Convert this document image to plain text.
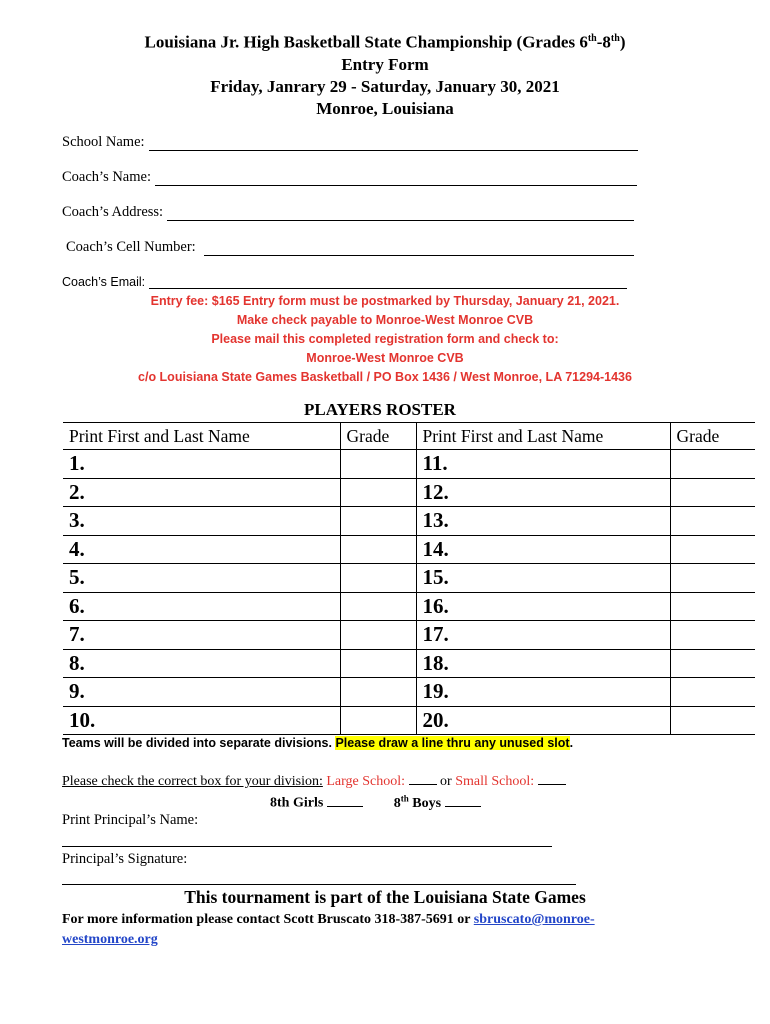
Louisiana Jr. High Basketball State Championship (Grades 6th-8th)
Entry Form
Friday, Janrary 29 - Saturday, January 30, 2021
Monroe, Louisiana
School Name:
Coach’s Name:
Coach’s Address:
Coach’s Cell Number:
Coach’s Email:
Entry fee: $165 Entry form must be postmarked by Thursday, January 21, 2021.
Make check payable to Monroe-West Monroe CVB
Please mail this completed registration form and check to:
Monroe-West Monroe CVB
c/o Louisiana State Games Basketball / PO Box 1436 / West Monroe, LA 71294-1436
PLAYERS ROSTER
Print First and Last Name	Grade	Print First and Last Name	Grade
1.		11.	
2.		12.	
3.		13.	
4.		14.	
5.		15.	
6.		16.	
7.		17.	
8.		18.	
9.		19.	
10.		20.	
Teams will be divided into separate divisions. Please draw a line thru any unused slot.
Please check the correct box for your division: Large School:	or Small School:
8th Girls	8th Boys
Print Principal’s Name:
Principal’s Signature:
This tournament is part of the Louisiana State Games
For more information please contact Scott Bruscato 318-387-5691 or sbruscato@monroe-
westmonroe.org
